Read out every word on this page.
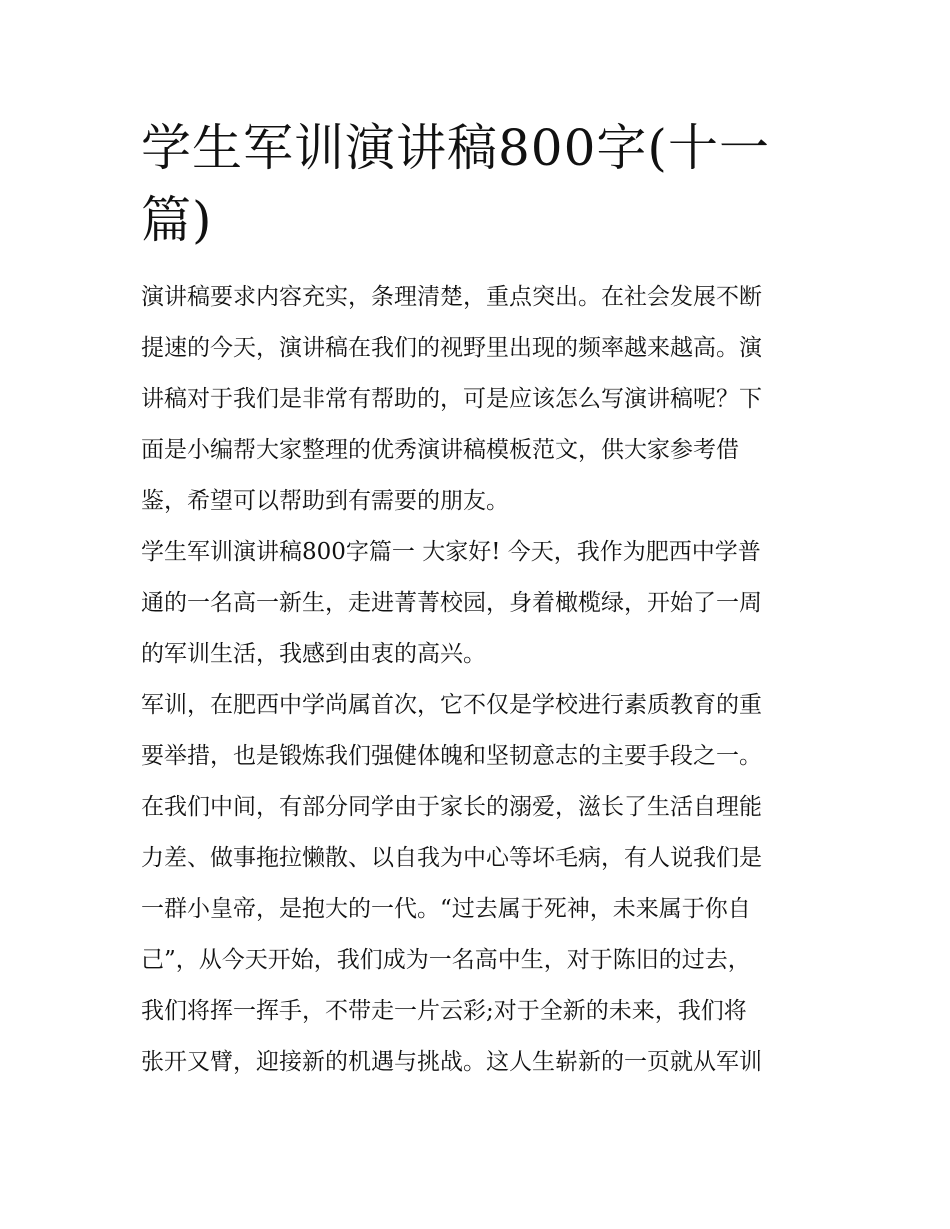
学生军训演讲稿800字(十一
篇)
演讲稿要求内容充实，条理清楚，重点突出。在社会发展不断
提速的今天，演讲稿在我们的视野里出现的频率越来越高。演
讲稿对于我们是非常有帮助的，可是应该怎么写演讲稿呢？下
面是小编帮大家整理的优秀演讲稿模板范文，供大家参考借
鉴，希望可以帮助到有需要的朋友。
学生军训演讲稿800字篇一 大家好! 今天，我作为肥西中学普
通的一名高一新生，走进菁菁校园，身着橄榄绿，开始了一周
的军训生活，我感到由衷的高兴。
军训，在肥西中学尚属首次，它不仅是学校进行素质教育的重
要举措，也是锻炼我们强健体魄和坚韧意志的主要手段之一。
在我们中间，有部分同学由于家长的溺爱，滋长了生活自理能
力差、做事拖拉懒散、以自我为中心等坏毛病，有人说我们是
一群小皇帝，是抱大的一代。“过去属于死神，未来属于你自
己”，从今天开始，我们成为一名高中生，对于陈旧的过去，
我们将挥一挥手，不带走一片云彩;对于全新的未来，我们将
张开又臂，迎接新的机遇与挑战。这人生崭新的一页就从军训
